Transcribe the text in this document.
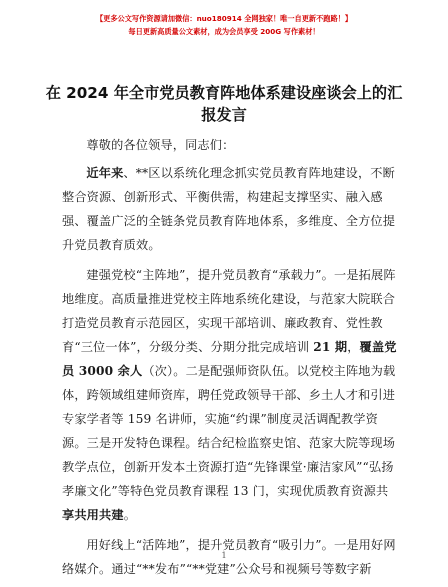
【更多公文写作资源请加微信：nuo180914 全网独家！唯一自更新不跑路！】
每日更新高质量公文素材，成为会员享受 200G 写作素材！
在 2024 年全市党员教育阵地体系建设座谈会上的汇报发言

尊敬的各位领导，同志们：

近年来、**区以系统化理念抓实党员教育阵地建设，不断整合资源、创新形式、平衡供需，构建起支撑坚实、融入感强、覆盖广泛的全链条党员教育阵地体系，多维度、全方位提升党员教育质效。

建强党校“主阵地”，提升党员教育“承载力”。一是拓展阵地维度。高质量推进党校主阵地系统化建设，与范家大院联合打造党员教育示范园区，实现干部培训、廉政教育、党性教育“三位一体”，分级分类、分期分批完成培训 21 期，覆盖党员 3000 余人（次）。二是配强师资队伍。以党校主阵地为载体，跨领域组建师资库，聘任党政领导干部、乡土人才和引进专家学者等 159 名讲师，实施“约课”制度灵活调配教学资源。三是开发特色课程。结合纪检监察史馆、范家大院等现场教学点位，创新开发本土资源打造“先锋课堂·廉洁家风”“弘扬孝廉文化”等特色党员教育课程 13 门，实现优质教育资源共享共用共建。

用好线上“活阵地”，提升党员教育“吸引力”。一是用好网络媒介。通过“**发布”“**党建”公众号和视频号等数字新

1
